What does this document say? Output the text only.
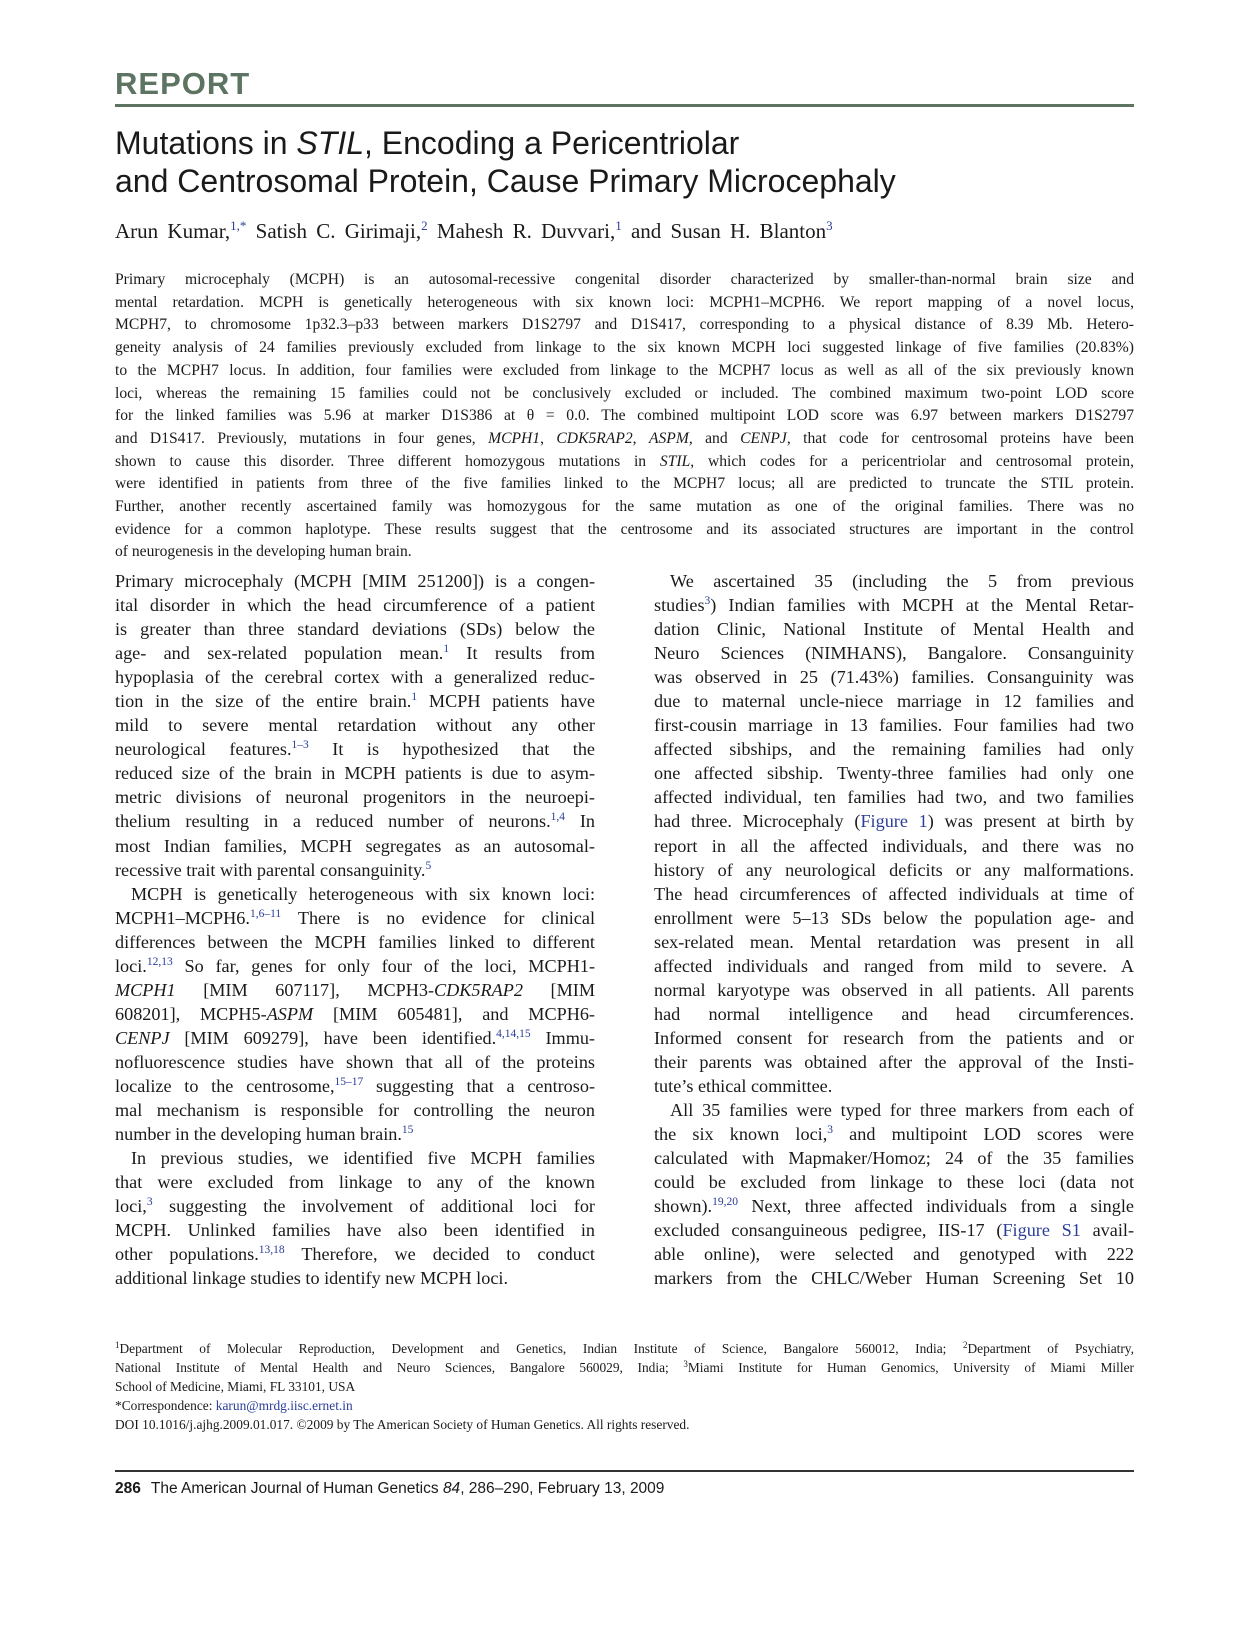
REPORT
Mutations in STIL, Encoding a Pericentriolar
and Centrosomal Protein, Cause Primary Microcephaly
Arun Kumar,$^{1,*}$ Satish C. Girimaji,$^2$ Mahesh R. Duvvari,$^1$ and Susan H. Blanton$^3$
Primary microcephaly (MCPH) is an autosomal-recessive congenital disorder characterized by smaller-than-normal brain size and
mental retardation. MCPH is genetically heterogeneous with six known loci: MCPH1–MCPH6. We report mapping of a novel locus,
MCPH7, to chromosome 1p32.3–p33 between markers D1S2797 and D1S417, corresponding to a physical distance of 8.39 Mb. Hetero-
geneity analysis of 24 families previously excluded from linkage to the six known MCPH loci suggested linkage of five families (20.83%)
to the MCPH7 locus. In addition, four families were excluded from linkage to the MCPH7 locus as well as all of the six previously known
loci, whereas the remaining 15 families could not be conclusively excluded or included. The combined maximum two-point LOD score
for the linked families was 5.96 at marker D1S386 at θ = 0.0. The combined multipoint LOD score was 6.97 between markers D1S2797
and D1S417. Previously, mutations in four genes, MCPH1, CDK5RAP2, ASPM, and CENPJ, that code for centrosomal proteins have been
shown to cause this disorder. Three different homozygous mutations in STIL, which codes for a pericentriolar and centrosomal protein,
were identified in patients from three of the five families linked to the MCPH7 locus; all are predicted to truncate the STIL protein.
Further, another recently ascertained family was homozygous for the same mutation as one of the original families. There was no
evidence for a common haplotype. These results suggest that the centrosome and its associated structures are important in the control
of neurogenesis in the developing human brain.
Primary microcephaly (MCPH [MIM 251200]) is a congen-
ital disorder in which the head circumference of a patient
is greater than three standard deviations (SDs) below the
age- and sex-related population mean.$^1$ It results from
hypoplasia of the cerebral cortex with a generalized reduc-
tion in the size of the entire brain.$^1$ MCPH patients have
mild to severe mental retardation without any other
neurological features.$^{1-3}$ It is hypothesized that the
reduced size of the brain in MCPH patients is due to asym-
metric divisions of neuronal progenitors in the neuroepi-
thelium resulting in a reduced number of neurons.$^{1,4}$ In
most Indian families, MCPH segregates as an autosomal-
recessive trait with parental consanguinity.$^5$
MCPH is genetically heterogeneous with six known loci:
MCPH1–MCPH6.$^{1,6-11}$ There is no evidence for clinical
differences between the MCPH families linked to different
loci.$^{12,13}$ So far, genes for only four of the loci, MCPH1-
MCPH1 [MIM 607117], MCPH3-CDK5RAP2 [MIM
608201], MCPH5-ASPM [MIM 605481], and MCPH6-
CENPJ [MIM 609279], have been identified.$^{4,14,15}$ Immu-
nofluorescence studies have shown that all of the proteins
localize to the centrosome,$^{15-17}$ suggesting that a centroso-
mal mechanism is responsible for controlling the neuron
number in the developing human brain.$^{15}$
In previous studies, we identified five MCPH families
that were excluded from linkage to any of the known
loci,$^3$ suggesting the involvement of additional loci for
MCPH. Unlinked families have also been identified in
other populations.$^{13,18}$ Therefore, we decided to conduct
additional linkage studies to identify new MCPH loci.
We ascertained 35 (including the 5 from previous
studies$^3$) Indian families with MCPH at the Mental Retar-
dation Clinic, National Institute of Mental Health and
Neuro Sciences (NIMHANS), Bangalore. Consanguinity
was observed in 25 (71.43%) families. Consanguinity was
due to maternal uncle-niece marriage in 12 families and
first-cousin marriage in 13 families. Four families had two
affected sibships, and the remaining families had only
one affected sibship. Twenty-three families had only one
affected individual, ten families had two, and two families
had three. Microcephaly (Figure 1) was present at birth by
report in all the affected individuals, and there was no
history of any neurological deficits or any malformations.
The head circumferences of affected individuals at time of
enrollment were 5–13 SDs below the population age- and
sex-related mean. Mental retardation was present in all
affected individuals and ranged from mild to severe. A
normal karyotype was observed in all patients. All parents
had normal intelligence and head circumferences.
Informed consent for research from the patients and or
their parents was obtained after the approval of the Insti-
tute’s ethical committee.
All 35 families were typed for three markers from each of
the six known loci,$^3$ and multipoint LOD scores were
calculated with Mapmaker/Homoz; 24 of the 35 families
could be excluded from linkage to these loci (data not
shown).$^{19,20}$ Next, three affected individuals from a single
excluded consanguineous pedigree, IIS-17 (Figure S1 avail-
able online), were selected and genotyped with 222
markers from the CHLC/Weber Human Screening Set 10
$^1$Department of Molecular Reproduction, Development and Genetics, Indian Institute of Science, Bangalore 560012, India; $^2$Department of Psychiatry,
National Institute of Mental Health and Neuro Sciences, Bangalore 560029, India; $^3$Miami Institute for Human Genomics, University of Miami Miller
School of Medicine, Miami, FL 33101, USA
*Correspondence: karun@mrdg.iisc.ernet.in
DOI 10.1016/j.ajhg.2009.01.017. ©2009 by The American Society of Human Genetics. All rights reserved.
286 The American Journal of Human Genetics 84, 286–290, February 13, 2009
